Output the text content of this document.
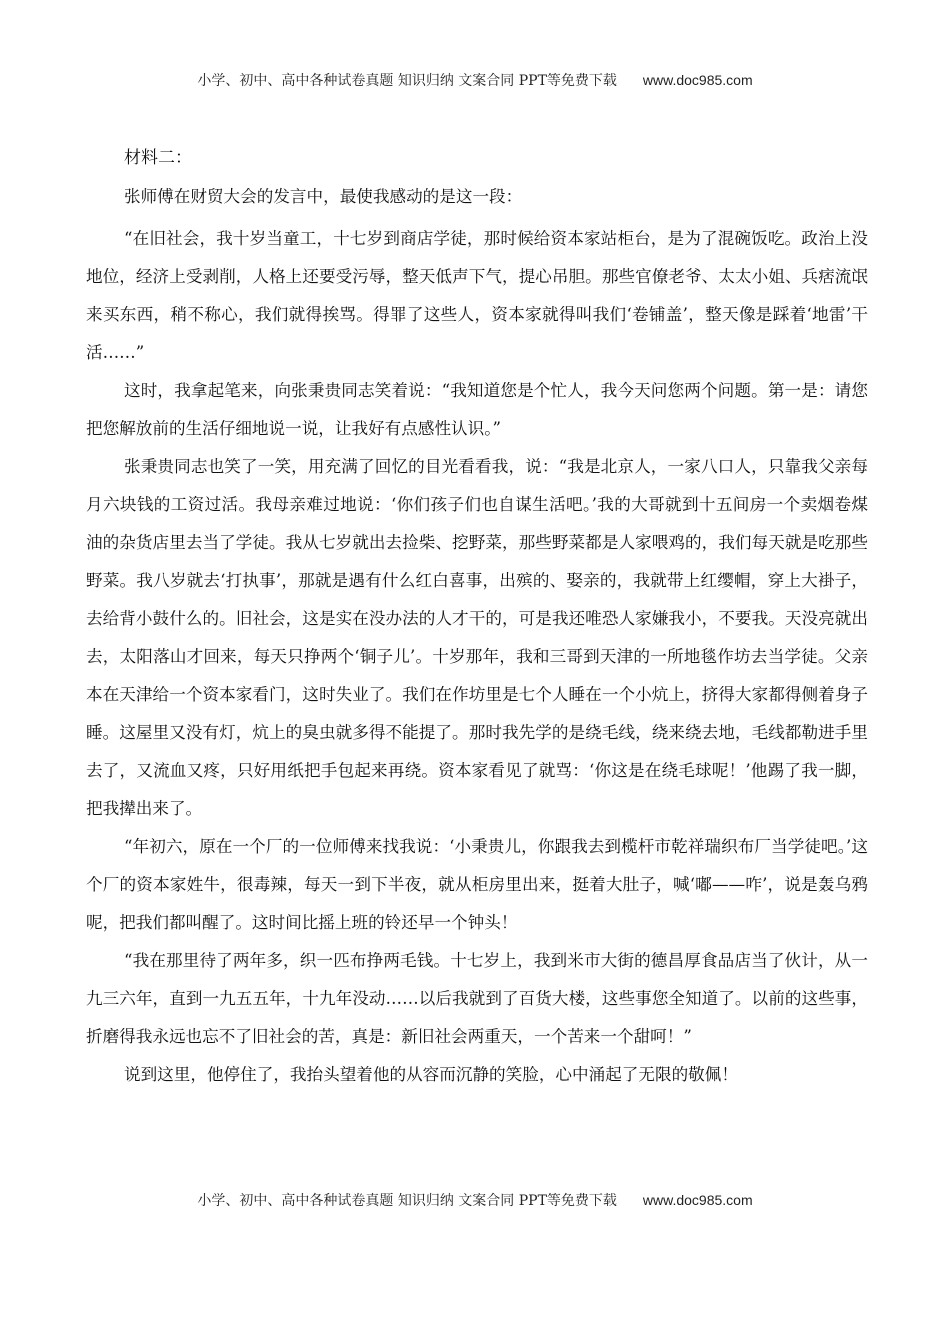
小学、初中、高中各种试卷真题 知识归纳 文案合同 PPT等免费下载 www.doc985.com

材料二：

张师傅在财贸大会的发言中，最使我感动的是这一段：

“在旧社会，我十岁当童工，十七岁到商店学徒，那时候给资本家站柜台，是为了混碗饭吃。政治上没地位，经济上受剥削，人格上还要受污辱，整天低声下气，提心吊胆。那些官僚老爷、太太小姐、兵痞流氓来买东西，稍不称心，我们就得挨骂。得罪了这些人，资本家就得叫我们‘卷铺盖’，整天像是踩着‘地雷’干活……”

这时，我拿起笔来，向张秉贵同志笑着说：“我知道您是个忙人，我今天问您两个问题。第一是：请您把您解放前的生活仔细地说一说，让我好有点感性认识。”

张秉贵同志也笑了一笑，用充满了回忆的目光看看我，说：“我是北京人，一家八口人，只靠我父亲每月六块钱的工资过活。我母亲难过地说：‘你们孩子们也自谋生活吧。’我的大哥就到十五间房一个卖烟卷煤油的杂货店里去当了学徒。我从七岁就出去捡柴、挖野菜，那些野菜都是人家喂鸡的，我们每天就是吃那些野菜。我八岁就去‘打执事’，那就是遇有什么红白喜事，出殡的、娶亲的，我就带上红缨帽，穿上大褂子，去给背小鼓什么的。旧社会，这是实在没办法的人才干的，可是我还唯恐人家嫌我小，不要我。天没亮就出去，太阳落山才回来，每天只挣两个‘铜子儿’。十岁那年，我和三哥到天津的一所地毯作坊去当学徒。父亲本在天津给一个资本家看门，这时失业了。我们在作坊里是七个人睡在一个小炕上，挤得大家都得侧着身子睡。这屋里又没有灯，炕上的臭虫就多得不能提了。那时我先学的是绕毛线，绕来绕去地，毛线都勒进手里去了，又流血又疼，只好用纸把手包起来再绕。资本家看见了就骂：‘你这是在绕毛球呢！’他踢了我一脚，把我撵出来了。

“年初六，原在一个厂的一位师傅来找我说：‘小秉贵儿，你跟我去到榄杆市乾祥瑞织布厂当学徒吧。’这个厂的资本家姓牛，很毒辣，每天一到下半夜，就从柜房里出来，挺着大肚子，喊‘嘟——咋’，说是轰乌鸦呢，把我们都叫醒了。这时间比摇上班的铃还早一个钟头！

“我在那里待了两年多，织一匹布挣两毛钱。十七岁上，我到米市大街的德昌厚食品店当了伙计，从一九三六年，直到一九五五年，十九年没动……以后我就到了百货大楼，这些事您全知道了。以前的这些事，折磨得我永远也忘不了旧社会的苦，真是：新旧社会两重天，一个苦来一个甜呵！”

说到这里，他停住了，我抬头望着他的从容而沉静的笑脸，心中涌起了无限的敬佩！

小学、初中、高中各种试卷真题 知识归纳 文案合同 PPT等免费下载 www.doc985.com
